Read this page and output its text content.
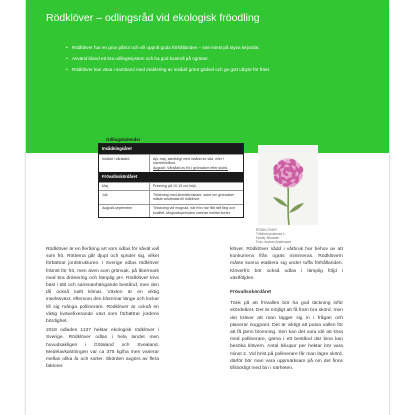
Rödklöver – odlingsråd vid ekologisk fröodling
• Rödklöver har en grov pålrot och vill uppnå goda förhållanden – inte minst på styva lerjordar.
• Avvänd bland ett bra odlingssystem och ha god kontroll på ogräset.
• Rödklöver kan växa i samband med etablering av insådd grönt gödsel och ge gott utbyte för fröet.
Odlingskalender
Insådningsåret
Insådd i vårskärd	Apr-maj, samtidigt med insådd av säd, eller i havrebestånd.
Augusti: Vårsådd av frö i grönsaker efter skörd.
Frövallsskördåret
Maj	Putsning på 10-15 cm höjd.
Juli	Tröskning med skördetröskare, samt om grönsaker måste användas till rödklöver.
Augusti-september	Tröskning vid mognad, när frön har fått rätt färg och kvalitet. Mognadsperioden varierar mellan sorter.
RÖDKLÖVER
Trifolium pratense L.
Familj: ärtväxter
Foto: Anders Andersson

Rödklöver är en fleråring art som odlas för såväl vall som frö. Rötterna går djupt och sprider sig, vilket förbättrar jordstrukturen. I Sverige odlas rödklöver främst för frö, men även som grönsak, på åkermark med bra dränering och lämplig pH. Rödklöver trivs bäst i tätt och sammanhängande bestånd, men den tål också kallt klimat. Växten är en viktig insektsväxt, eftersom den blommar länge och lockar till sig många pollinerare. Rödklöver är också en viktig kvävefixerande växt som förbättrar jordens bördighet.

2018 odlades 1137 hektar ekologisk rödklöver i Sverige. Rödklöver odlas i hela landet men huvudsakligen i Götaland och Svealand. Medelavkastningen var ca 375 kg/ha men varierar mellan olika år och sorter. Skörden avgörs av flera faktorer.

klöver. Rödklöver sådd i vårbruk har behov av att konkurrens från ogräs minimeras. Rödklövern måste kunna etablera sig under tuffa förhållanden. Klöverfrö bör också odlas i lämplig följd i växtföljden.

Frövallsskördåret

Tänk på att frövallen bör ha god täckning inför skördeåret. Det är möjligt att få fram bra skörd, men det kräver att man lägger sig in i frågan och planerar noggrant. Det är viktigt att putsa vallen för att få jämn blomning. Sen kan det vara idé att köra med pollinerare, gärna i ett bestånd där bina kan besöka klövern. Antal bikupor per hektar bör vara minst 2. Vid brist på pollinerare får man lägre skörd, därför bör man vara uppmärksam på om det finns tillräckligt med bin i närheten.
